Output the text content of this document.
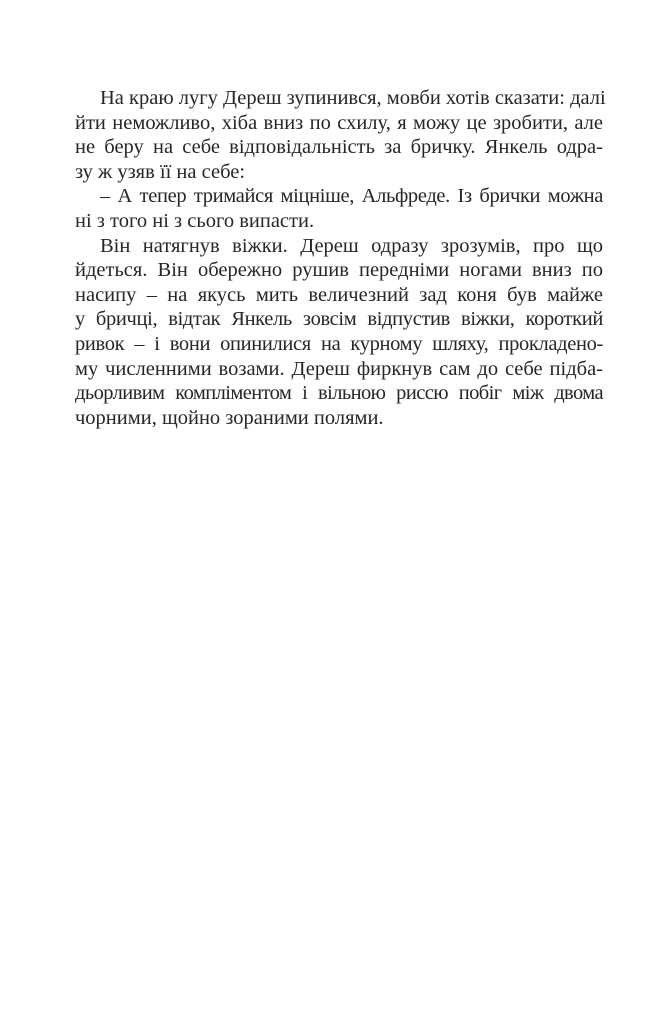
На краю лугу Дереш зупинився, мовби хотів сказати: далі
йти неможливо, хіба вниз по схилу, я можу це зробити, але
не беру на себе відповідальність за бричку. Янкель одра-
зу ж узяв її на себе:
– А тепер тримайся міцніше, Альфреде. Із брички можна
ні з того ні з сього випасти.
Він натягнув віжки. Дереш одразу зрозумів, про що
йдеться. Він обережно рушив передніми ногами вниз по
насипу – на якусь мить величезний зад коня був майже
у бричці, відтак Янкель зовсім відпустив віжки, короткий
ривок – і вони опинилися на курному шляху, прокладено-
му численними возами. Дереш фиркнув сам до себе підба-
дьорливим компліментом і вільною риссю побіг між двома
чорними, щойно зораними полями.
